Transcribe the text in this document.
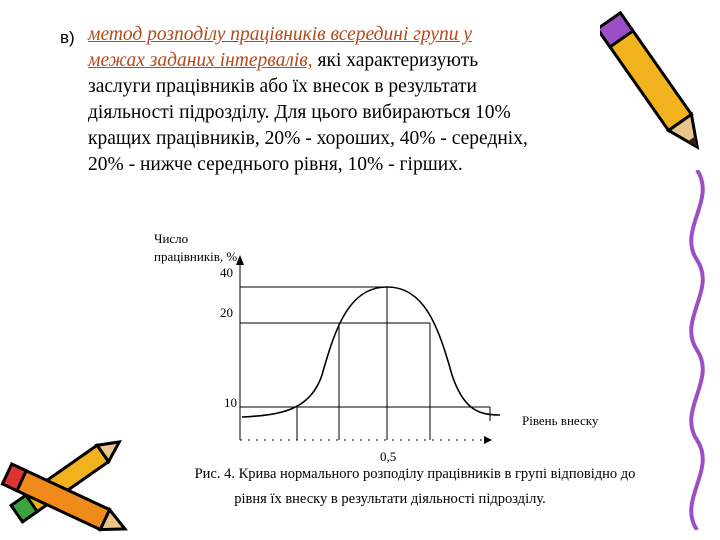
в) метод розподілу працівників всередині групи у
межах заданих інтервалів, які характеризують
заслуги працівників або їх внесок в результати
діяльності підрозділу. Для цього вибираються 10%
кращих працівників, 20% - хороших, 40% - середніх,
20% - нижче середнього рівня, 10% - гірших.
Число
працівників, %
Рівень внеску
40
20
10
0,5
Рис. 4. Крива нормального розподілу працівників в групі відповідно до
рівня їх внеску в результати діяльності підрозділу.
